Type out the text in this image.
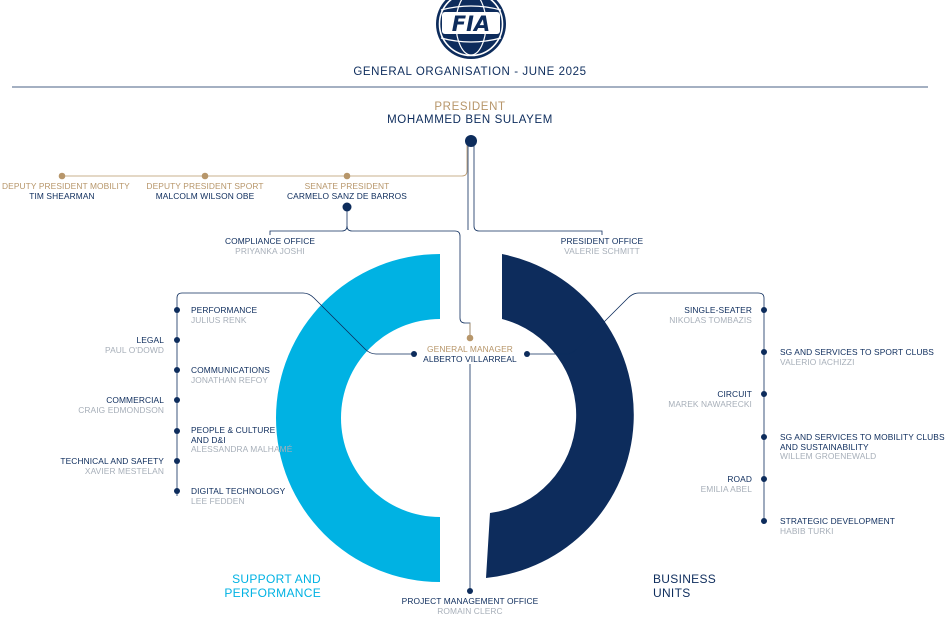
FIA
GENERAL ORGANISATION - JUNE 2025
PRESIDENT
MOHAMMED BEN SULAYEM
DEPUTY PRESIDENT MOBILITY
TIM SHEARMAN
DEPUTY PRESIDENT SPORT
MALCOLM WILSON OBE
SENATE PRESIDENT
CARMELO SANZ DE BARROS
COMPLIANCE OFFICE
PRIYANKA JOSHI
PRESIDENT OFFICE
VALERIE SCHMITT
GENERAL MANAGER
ALBERTO VILLARREAL
PROJECT MANAGEMENT OFFICE
ROMAIN CLERC
SUPPORT AND
PERFORMANCE
BUSINESS
UNITS
PERFORMANCE
JULIUS RENK
COMMUNICATIONS
JONATHAN REFOY
PEOPLE & CULTURE
AND D&I
ALESSANDRA MALHAMÉ
DIGITAL TECHNOLOGY
LEE FEDDEN
LEGAL
PAUL O'DOWD
COMMERCIAL
CRAIG EDMONDSON
TECHNICAL AND SAFETY
XAVIER MESTELAN
SINGLE-SEATER
NIKOLAS TOMBAZIS
CIRCUIT
MAREK NAWARECKI
ROAD
EMILIA ABEL
SG AND SERVICES TO SPORT CLUBS
VALERIO IACHIZZI
SG AND SERVICES TO MOBILITY CLUBS
AND SUSTAINABILITY
WILLEM GROENEWALD
STRATEGIC DEVELOPMENT
HABIB TURKI
